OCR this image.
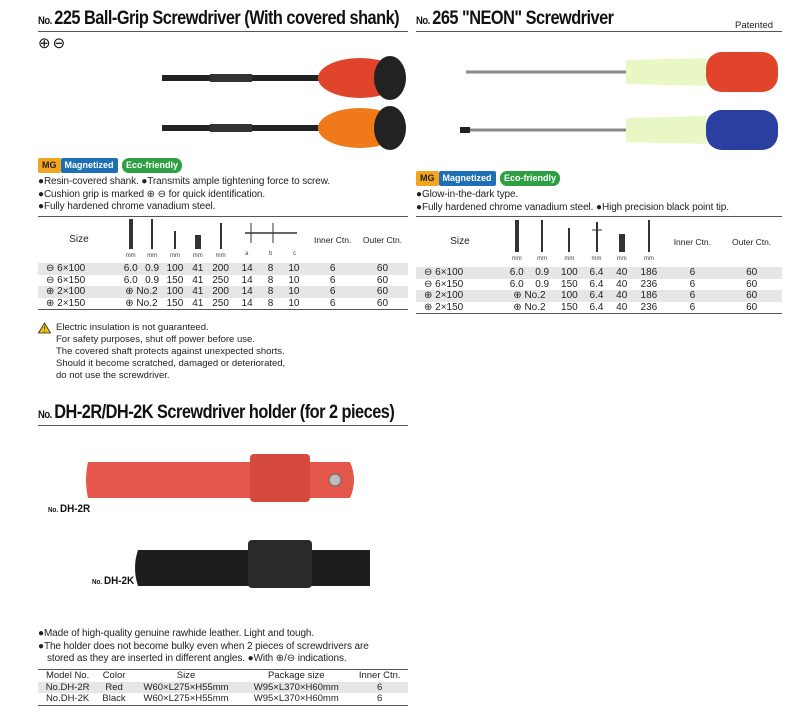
No. 225 Ball-Grip Screwdriver (With covered shank)
⊕⊖
MG Magnetized Eco-friendly
●Resin-covered shank. ●Transmits ample tightening force to screw.
●Cushion grip is marked ⊕ ⊖ for quick identification.
●Fully hardened chrome vanadium steel.
Size	mm	mm	mm	mm	mm	a b c			Inner Ctn.	Outer Ctn.
⊖ 6×100	6.0	0.9	100	41	200	14	8	10	6	60
⊖ 6×150	6.0	0.9	150	41	250	14	8	10	6	60
⊕ 2×100	⊕ No.2		100	41	200	14	8	10	6	60
⊕ 2×150	⊕ No.2		150	41	250	14	8	10	6	60
! Electric insulation is not guaranteed.
For safety purposes, shut off power before use.
The covered shaft protects against unexpected shorts.
Should it become scratched, damaged or deteriorated,
do not use the screwdriver.
No. 265 "NEON" Screwdriver	Patented
MG Magnetized Eco-friendly
●Glow-in-the-dark type.
●Fully hardened chrome vanadium steel. ●High precision black point tip.
Size	mm	mm	mm	mm	mm	mm	Inner Ctn.	Outer Ctn.
⊖ 6×100	6.0	0.9	100	6.4	40	186	6	60
⊖ 6×150	6.0	0.9	150	6.4	40	236	6	60
⊕ 2×100	⊕ No.2		100	6.4	40	186	6	60
⊕ 2×150	⊕ No.2		150	6.4	40	236	6	60
No. DH-2R/DH-2K Screwdriver holder (for 2 pieces)
No. DH-2R
No. DH-2K
●Made of high-quality genuine rawhide leather. Light and tough.
●The holder does not become bulky even when 2 pieces of screwdrivers are
stored as they are inserted in different angles. ●With ⊕/⊖ indications.
Model No.	Color	Size	Package size	Inner Ctn.
No.DH-2R	Red	W60×L275×H55mm	W95×L370×H60mm	6
No.DH-2K	Black	W60×L275×H55mm	W95×L370×H60mm	6
